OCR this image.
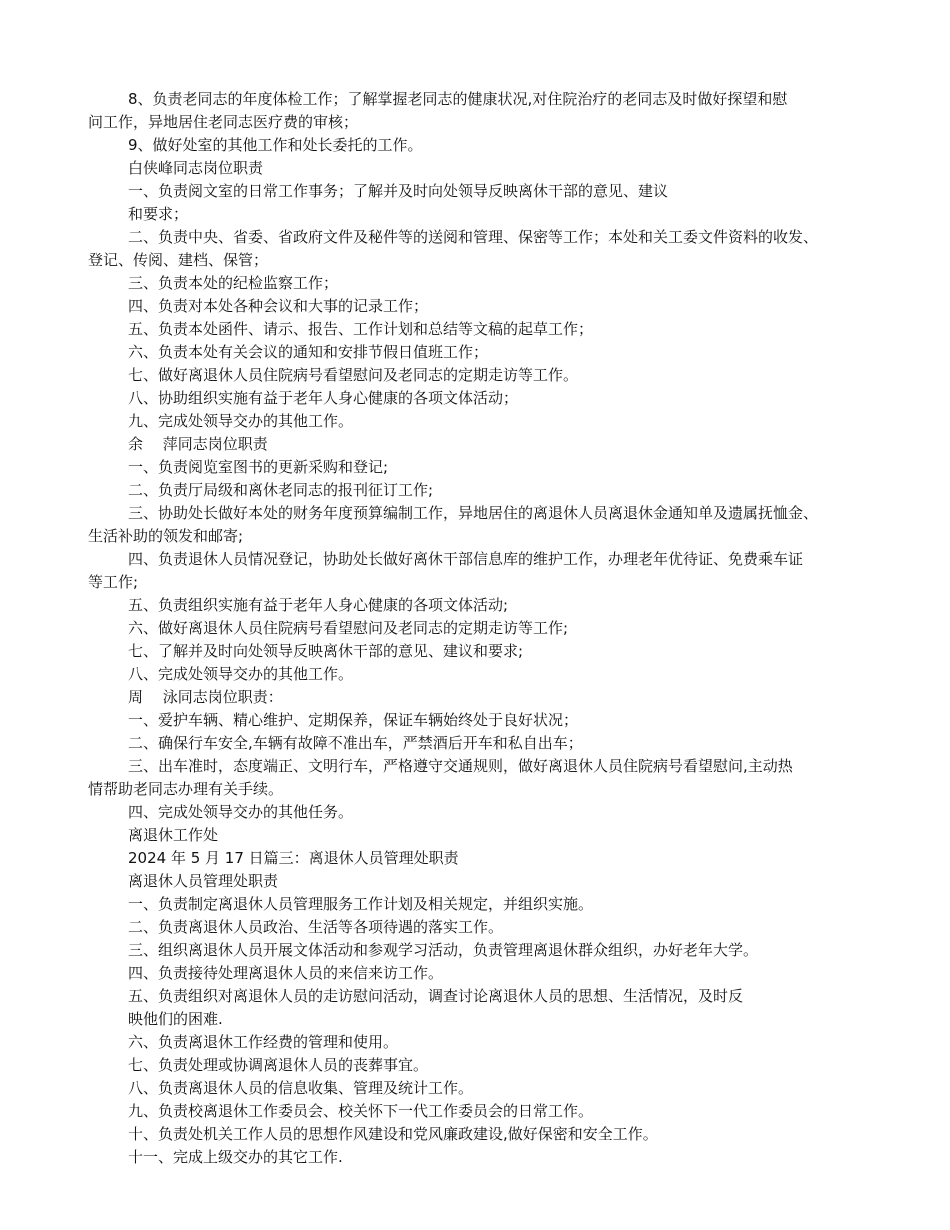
8、负责老同志的年度体检工作；了解掌握老同志的健康状况,对住院治疗的老同志及时做好探望和慰

问工作，异地居住老同志医疗费的审核；

9、做好处室的其他工作和处长委托的工作。

白侠峰同志岗位职责

一、负责阅文室的日常工作事务；了解并及时向处领导反映离休干部的意见、建议

和要求；

二、负责中央、省委、省政府文件及秘件等的送阅和管理、保密等工作；本处和关工委文件资料的收发、

登记、传阅、建档、保管；

三、负责本处的纪检监察工作；

四、负责对本处各种会议和大事的记录工作；

五、负责本处函件、请示、报告、工作计划和总结等文稿的起草工作；

六、负责本处有关会议的通知和安排节假日值班工作；

七、做好离退休人员住院病号看望慰问及老同志的定期走访等工作。

八、协助组织实施有益于老年人身心健康的各项文体活动；

九、完成处领导交办的其他工作。

余　 萍同志岗位职责

一、负责阅览室图书的更新采购和登记;

二、负责厅局级和离休老同志的报刊征订工作;

三、协助处长做好本处的财务年度预算编制工作，异地居住的离退休人员离退休金通知单及遗属抚恤金、

生活补助的领发和邮寄;

四、负责退休人员情况登记，协助处长做好离休干部信息库的维护工作，办理老年优待证、免费乘车证

等工作;

五、负责组织实施有益于老年人身心健康的各项文体活动;

六、做好离退休人员住院病号看望慰问及老同志的定期走访等工作;

七、了解并及时向处领导反映离休干部的意见、建议和要求;

八、完成处领导交办的其他工作。

周　 泳同志岗位职责：

一、爱护车辆、精心维护、定期保养，保证车辆始终处于良好状况；

二、确保行车安全,车辆有故障不准出车，严禁酒后开车和私自出车；

三、出车准时，态度端正、文明行车，严格遵守交通规则，做好离退休人员住院病号看望慰问,主动热

情帮助老同志办理有关手续。

四、完成处领导交办的其他任务。

离退休工作处

2024 年 5 月 17 日篇三：离退休人员管理处职责

离退休人员管理处职责

一、负责制定离退休人员管理服务工作计划及相关规定，并组织实施。

二、负责离退休人员政治、生活等各项待遇的落实工作。

三、组织离退休人员开展文体活动和参观学习活动，负责管理离退休群众组织，办好老年大学。

四、负责接待处理离退休人员的来信来访工作。

五、负责组织对离退休人员的走访慰问活动，调查讨论离退休人员的思想、生活情况，及时反

映他们的困难.

六、负责离退休工作经费的管理和使用。

七、负责处理或协调离退休人员的丧葬事宜。

八、负责离退休人员的信息收集、管理及统计工作。

九、负责校离退休工作委员会、校关怀下一代工作委员会的日常工作。

十、负责处机关工作人员的思想作风建设和党风廉政建设,做好保密和安全工作。

十一、完成上级交办的其它工作.
